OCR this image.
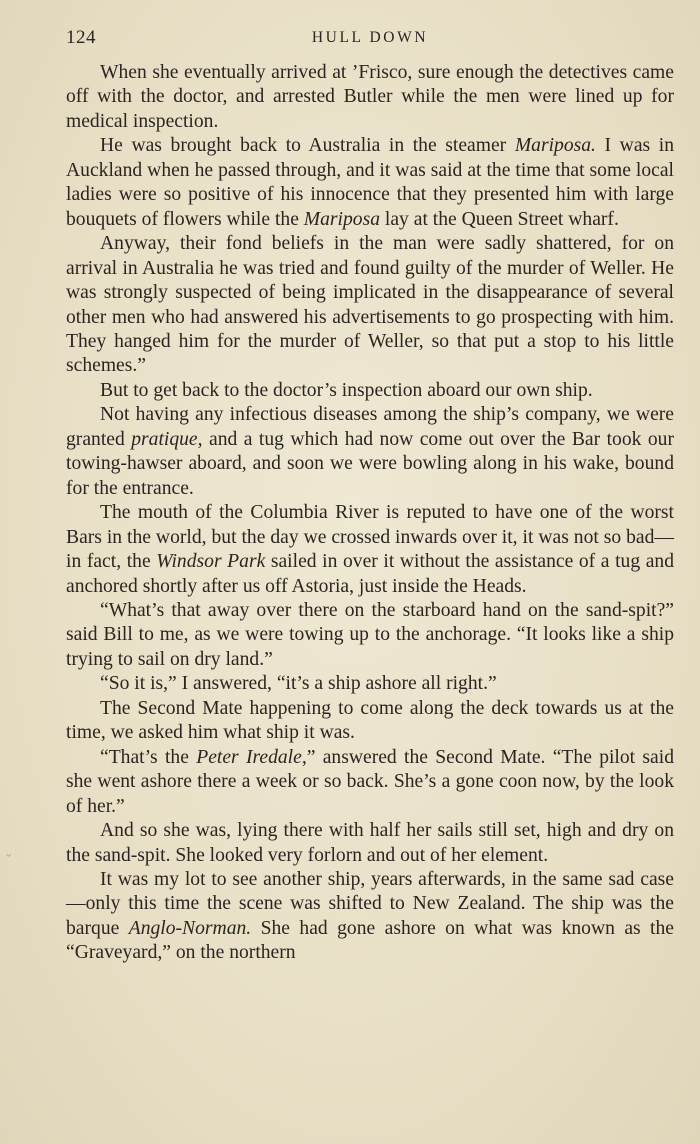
124	HULL DOWN

When she eventually arrived at ’Frisco, sure enough the detectives came off with the doctor, and arrested Butler while the men were lined up for medical inspection.

He was brought back to Australia in the steamer Mariposa. I was in Auckland when he passed through, and it was said at the time that some local ladies were so positive of his innocence that they presented him with large bouquets of flowers while the Mariposa lay at the Queen Street wharf.

Anyway, their fond beliefs in the man were sadly shattered, for on arrival in Australia he was tried and found guilty of the murder of Weller. He was strongly suspected of being implicated in the disappearance of several other men who had answered his advertisements to go prospecting with him. They hanged him for the murder of Weller, so that put a stop to his little schemes.”

But to get back to the doctor’s inspection aboard our own ship.

Not having any infectious diseases among the ship’s company, we were granted pratique, and a tug which had now come out over the Bar took our towing-hawser aboard, and soon we were bowling along in his wake, bound for the entrance.

The mouth of the Columbia River is reputed to have one of the worst Bars in the world, but the day we crossed inwards over it, it was not so bad—in fact, the Windsor Park sailed in over it without the assistance of a tug and anchored shortly after us off Astoria, just inside the Heads.

“What’s that away over there on the starboard hand on the sand-spit?” said Bill to me, as we were towing up to the anchorage. “It looks like a ship trying to sail on dry land.”

“So it is,” I answered, “it’s a ship ashore all right.”

The Second Mate happening to come along the deck towards us at the time, we asked him what ship it was.

“That’s the Peter Iredale,” answered the Second Mate. “The pilot said she went ashore there a week or so back. She’s a gone coon now, by the look of her.”

And so she was, lying there with half her sails still set, high and dry on the sand-spit. She looked very forlorn and out of her element.

It was my lot to see another ship, years afterwards, in the same sad case—only this time the scene was shifted to New Zealand. The ship was the barque Anglo-Norman. She had gone ashore on what was known as the “Graveyard,” on the northern

ˇ
